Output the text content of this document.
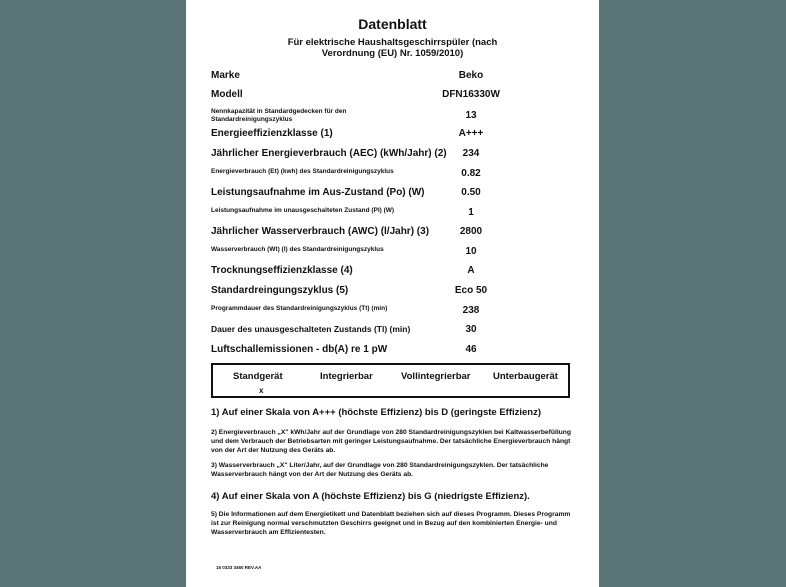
Datenblatt
Für elektrische Haushaltsgeschirrspüler (nach
Verordnung (EU) Nr. 1059/2010)
Marke	Beko
Modell	DFN16330W
Nennkapazität in Standardgedecken für den
Standardreinigungszyklus	13
Energieeffizienzklasse (1)	A+++
Jährlicher Energieverbrauch (AEC) (kWh/Jahr) (2)	234
Energieverbrauch (Et) (kwh) des Standardreinigungszyklus	0.82
Leistungsaufnahme im Aus-Zustand (Po) (W)	0.50
Leistungsaufnahme im unausgeschalteten Zustand (Pl) (W)	1
Jährlicher Wasserverbrauch (AWC) (l/Jahr) (3)	2800
Wasserverbrauch (Wt) (l) des Standardreinigungszyklus	10
Trocknungseffizienzklasse (4)	A
Standardreingungszyklus (5)	Eco 50
Programmdauer des Standardreinigungszyklus (Tt) (min)	238
Dauer des unausgeschalteten Zustands (Tl) (min)	30
Luftschallemissionen - db(A) re 1 pW	46
Standgerät	Integrierbar	Vollintegrierbar Unterbaugerät
x
1) Auf einer Skala von A+++ (höchste Effizienz) bis D (geringste Effizienz)
2) Energieverbrauch „X" kWh/Jahr auf der Grundlage von 280 Standardreinigungszyklen bei Kaltwasserbefüllung und dem Verbrauch der Betriebsarten mit geringer Leistungsaufnahme. Der tatsächliche Energieverbrauch hängt von der Art der Nutzung des Geräts ab.
3) Wasserverbrauch „X" Liter/Jahr, auf der Grundlage von 280 Standardreinigungszyklen. Der tatsächliche Wasserverbrauch hängt von der Art der Nutzung des Geräts ab.
4) Auf einer Skala von A (höchste Effizienz) bis G (niedrigste Effizienz).
5) Die Informationen auf dem Energietikett und Datenblatt beziehen sich auf dieses Programm. Dieses Programm ist zur Reinigung normal verschmutzten Geschirrs geeignet und in Bezug auf den kombinierten Energie- und Wasserverbrauch am Effizientesten.
15 0333 3460 REV.AA
